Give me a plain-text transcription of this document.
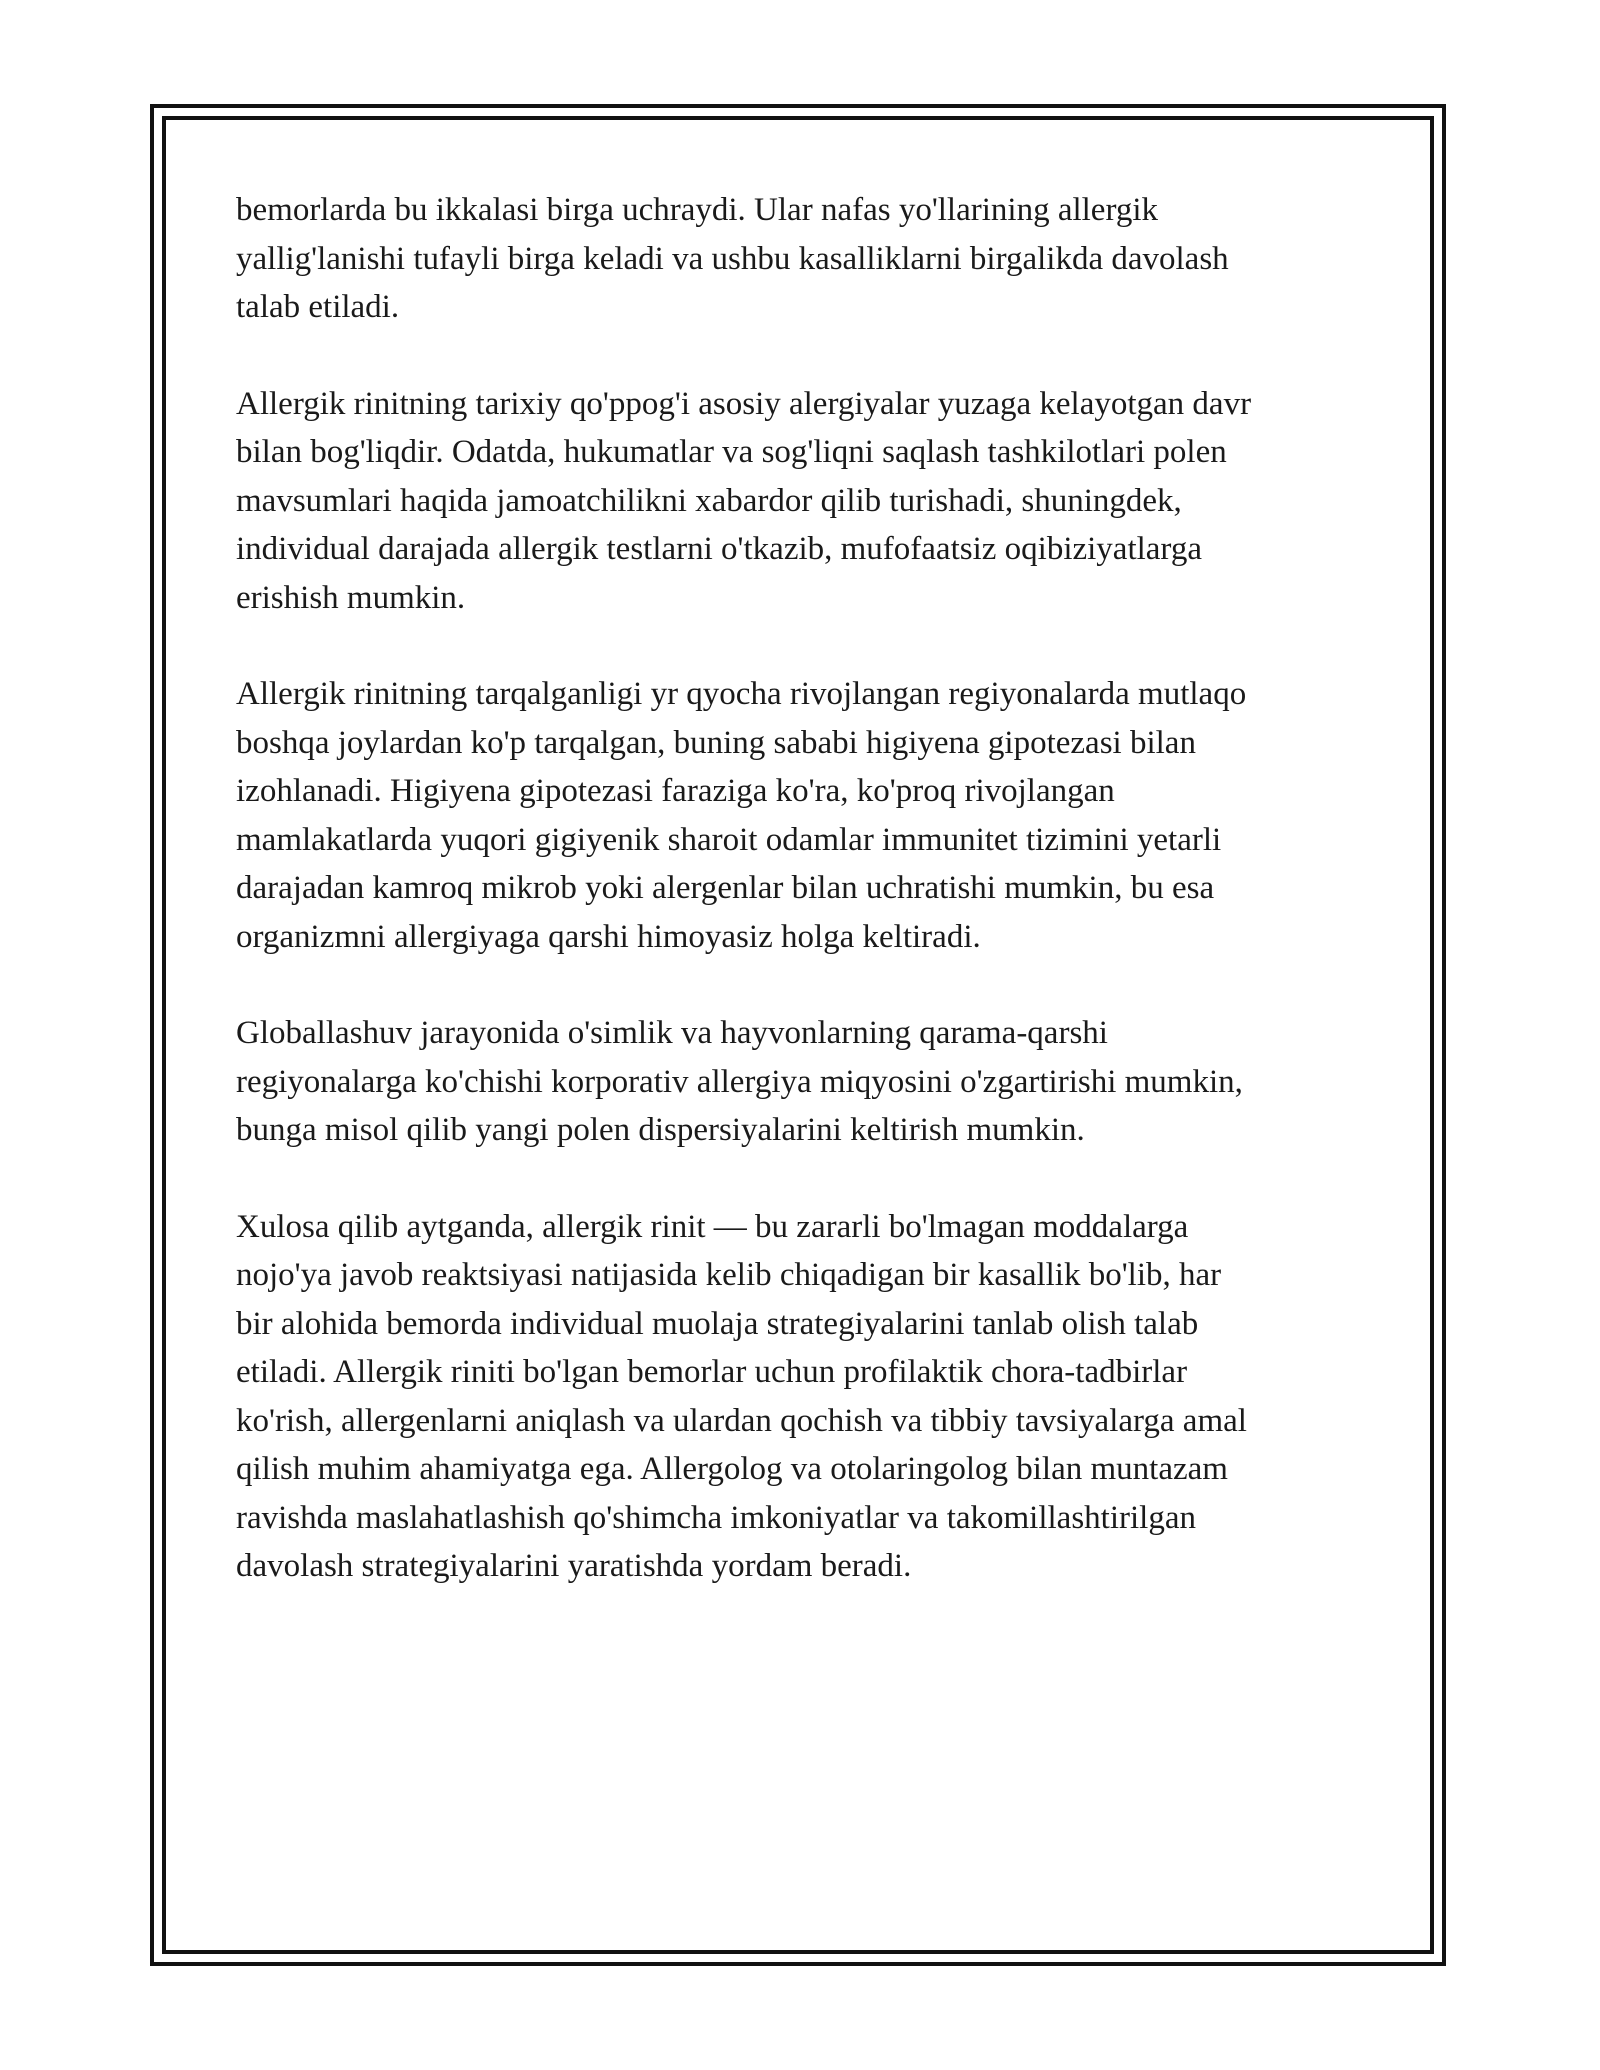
bemorlarda bu ikkalasi birga uchraydi. Ular nafas yo'llarining allergik
yallig'lanishi tufayli birga keladi va ushbu kasalliklarni birgalikda davolash
talab etiladi.

Allergik rinitning tarixiy qo'ppog'i asosiy alergiyalar yuzaga kelayotgan davr
bilan bog'liqdir. Odatda, hukumatlar va sog'liqni saqlash tashkilotlari polen
mavsumlari haqida jamoatchilikni xabardor qilib turishadi, shuningdek,
individual darajada allergik testlarni o'tkazib, mufofaatsiz oqibiziyatlarga
erishish mumkin.

Allergik rinitning tarqalganligi yr qyocha rivojlangan regiyonalarda mutlaqo
boshqa joylardan ko'p tarqalgan, buning sababi higiyena gipotezasi bilan
izohlanadi. Higiyena gipotezasi faraziga ko'ra, ko'proq rivojlangan
mamlakatlarda yuqori gigiyenik sharoit odamlar immunitet tizimini yetarli
darajadan kamroq mikrob yoki alergenlar bilan uchratishi mumkin, bu esa
organizmni allergiyaga qarshi himoyasiz holga keltiradi.

Globallashuv jarayonida o'simlik va hayvonlarning qarama-qarshi
regiyonalarga ko'chishi korporativ allergiya miqyosini o'zgartirishi mumkin,
bunga misol qilib yangi polen dispersiyalarini keltirish mumkin.

Xulosa qilib aytganda, allergik rinit — bu zararli bo'lmagan moddalarga
nojo'ya javob reaktsiyasi natijasida kelib chiqadigan bir kasallik bo'lib, har
bir alohida bemorda individual muolaja strategiyalarini tanlab olish talab
etiladi. Allergik riniti bo'lgan bemorlar uchun profilaktik chora-tadbirlar
ko'rish, allergenlarni aniqlash va ulardan qochish va tibbiy tavsiyalarga amal
qilish muhim ahamiyatga ega. Allergolog va otolaringolog bilan muntazam
ravishda maslahatlashish qo'shimcha imkoniyatlar va takomillashtirilgan
davolash strategiyalarini yaratishda yordam beradi.
